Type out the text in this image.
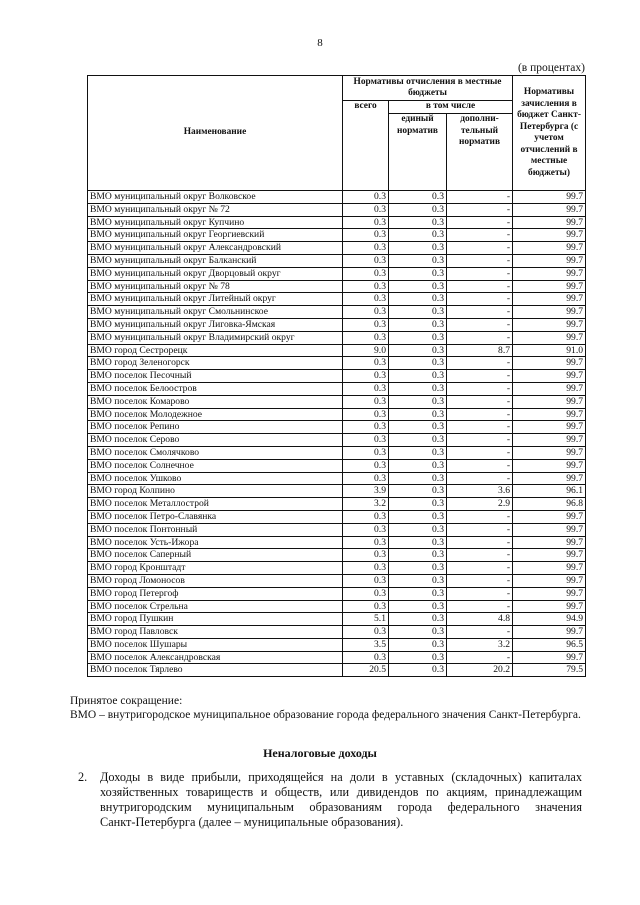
8
(в процентах)
Наименование	Нормативы отчисления в местные бюджеты			Нормативы зачисления в бюджет Санкт-Петербурга (с учетом отчислений в местные бюджеты)
	всего	в том числе		
		единый норматив	дополни-тельный норматив	
ВМО муниципальный округ Волковское	0.3	0.3	-	99.7
ВМО муниципальный округ № 72	0.3	0.3	-	99.7
ВМО муниципальный округ Купчино	0.3	0.3	-	99.7
ВМО муниципальный округ Георгиевский	0.3	0.3	-	99.7
ВМО муниципальный округ Александровский	0.3	0.3	-	99.7
ВМО муниципальный округ Балканский	0.3	0.3	-	99.7
ВМО муниципальный округ Дворцовый округ	0.3	0.3	-	99.7
ВМО муниципальный округ № 78	0.3	0.3	-	99.7
ВМО муниципальный округ Литейный округ	0.3	0.3	-	99.7
ВМО муниципальный округ Смольнинское	0.3	0.3	-	99.7
ВМО муниципальный округ Лиговка-Ямская	0.3	0.3	-	99.7
ВМО муниципальный округ Владимирский округ	0.3	0.3	-	99.7
ВМО город Сестрорецк	9.0	0.3	8.7	91.0
ВМО город Зеленогорск	0.3	0.3	-	99.7
ВМО поселок Песочный	0.3	0.3	-	99.7
ВМО поселок Белоостров	0.3	0.3	-	99.7
ВМО поселок Комарово	0.3	0.3	-	99.7
ВМО поселок Молодежное	0.3	0.3	-	99.7
ВМО поселок Репино	0.3	0.3	-	99.7
ВМО поселок Серово	0.3	0.3	-	99.7
ВМО поселок Смолячково	0.3	0.3	-	99.7
ВМО поселок Солнечное	0.3	0.3	-	99.7
ВМО поселок Ушково	0.3	0.3	-	99.7
ВМО город Колпино	3.9	0.3	3.6	96.1
ВМО поселок Металлострой	3.2	0.3	2.9	96.8
ВМО поселок Петро-Славянка	0.3	0.3	-	99.7
ВМО поселок Понтонный	0.3	0.3	-	99.7
ВМО поселок Усть-Ижора	0.3	0.3	-	99.7
ВМО поселок Саперный	0.3	0.3	-	99.7
ВМО город Кронштадт	0.3	0.3	-	99.7
ВМО город Ломоносов	0.3	0.3	-	99.7
ВМО город Петергоф	0.3	0.3	-	99.7
ВМО поселок Стрельна	0.3	0.3	-	99.7
ВМО город Пушкин	5.1	0.3	4.8	94.9
ВМО город Павловск	0.3	0.3	-	99.7
ВМО поселок Шушары	3.5	0.3	3.2	96.5
ВМО поселок Александровская	0.3	0.3	-	99.7
ВМО поселок Тярлево	20.5	0.3	20.2	79.5
Принятое сокращение:
ВМО – внутригородское муниципальное образование города федерального значения Санкт-Петербурга.
Неналоговые доходы
2. Доходы в виде прибыли, приходящейся на доли в уставных (складочных) капиталах
хозяйственных товариществ и обществ, или дивидендов по акциям, принадлежащим
внутригородским муниципальным образованиям города федерального значения
Санкт-Петербурга (далее – муниципальные образования).
